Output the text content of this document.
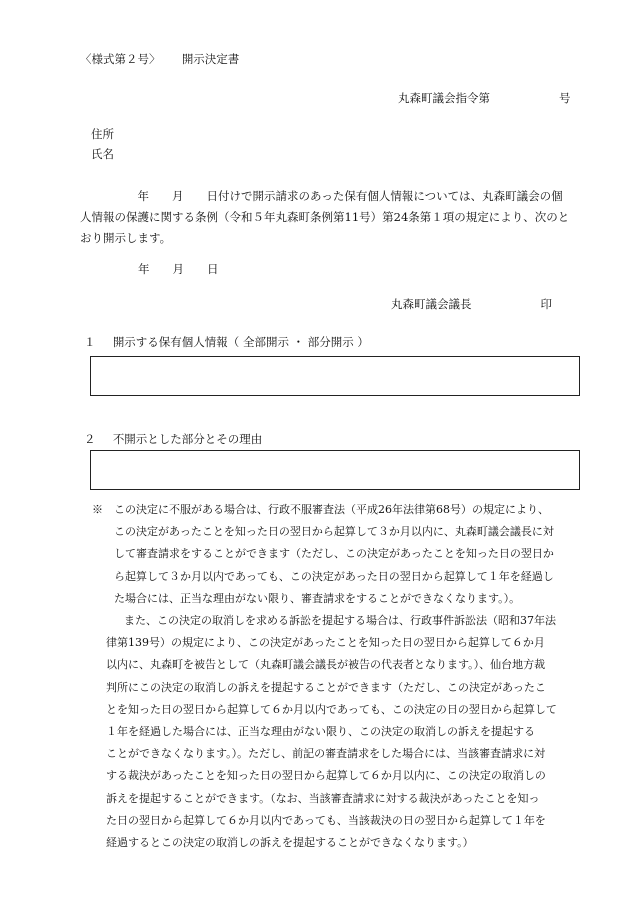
〈様式第２号〉 開示決定書
丸森町議会指令第　　　　　　号
住所
氏名
　　　　　年　　月　　日付けで開示請求のあった保有個人情報については、丸森町議会の個
人情報の保護に関する条例（令和５年丸森町条例第11号）第24条第１項の規定により、次のと
おり開示します。
年　　月　　日
丸森町議会議長　　　　　　印
１ 開示する保有個人情報（ 全部開示 ・ 部分開示 ）
２ 不開示とした部分とその理由
※　 この決定に不服がある場合は、行政不服審査法（平成26年法律第68号）の規定により、
この決定があったことを知った日の翌日から起算して３か月以内に、丸森町議会議長に対
して審査請求をすることができます（ただし、この決定があったことを知った日の翌日か
ら起算して３か月以内であっても、この決定があった日の翌日から起算して１年を経過し
た場合には、正当な理由がない限り、審査請求をすることができなくなります。）。
また、この決定の取消しを求める訴訟を提起する場合は、行政事件訴訟法（昭和37年法
律第139号）の規定により、この決定があったことを知った日の翌日から起算して６か月
以内に、丸森町を被告として（丸森町議会議長が被告の代表者となります。）、仙台地方裁
判所にこの決定の取消しの訴えを提起することができます（ただし、この決定があったこ
とを知った日の翌日から起算して６か月以内であっても、この決定の日の翌日から起算して
１年を経過した場合には、正当な理由がない限り、この決定の取消しの訴えを提起する
ことができなくなります。）。ただし、前記の審査請求をした場合には、当該審査請求に対
する裁決があったことを知った日の翌日から起算して６か月以内に、この決定の取消しの
訴えを提起することができます。（なお、当該審査請求に対する裁決があったことを知っ
た日の翌日から起算して６か月以内であっても、当該裁決の日の翌日から起算して１年を
経過するとこの決定の取消しの訴えを提起することができなくなります。）
